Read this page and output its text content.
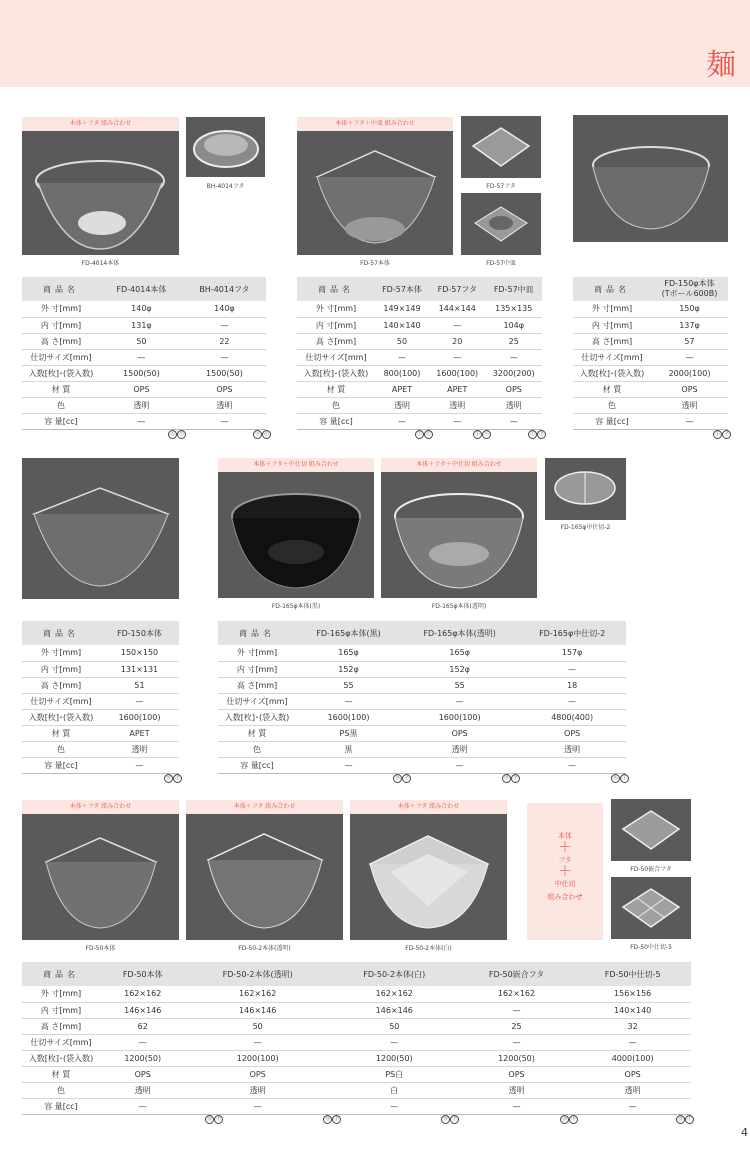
麺
本体＋フタ 組み合わせ
FD-4014本体
BH-4014フタ
本体＋フタ＋中皿 組み合わせ
FD-57本体
FD-57フタ
FD-57中皿
商品名	FD-4014本体	BH-4014フタ
外 寸[mm]	140φ	140φ
内 寸[mm]	131φ	—
高 さ[mm]	50	22
仕切サイズ[mm]	—	—
入数[枚]･(袋入数)	1500(50)	1500(50)
材 質	OPS	OPS
色	透明	透明
容 量[cc]	—	—
Ⓐ Ⓕ	Ⓐ Ⓕ
商品名	FD-57本体	FD-57フタ	FD-57中皿
外 寸[mm]	149×149	144×144	135×135
内 寸[mm]	140×140	—	104φ
高 さ[mm]	50	20	25
仕切サイズ[mm]	—	—	—
入数[枚]･(袋入数)	800(100)	1600(100)	3200(200)
材 質	APET	APET	OPS
色	透明	透明	透明
容 量[cc]	—	—	—
Ⓣ Ⓕ	Ⓣ Ⓕ	Ⓣ Ⓟ
商品名	FD-150φ本体
(Tボール600B)

外 寸[mm]	150φ
内 寸[mm]	137φ
高 さ[mm]	57
仕切サイズ[mm]	—
入数[枚]･(袋入数)	2000(100)
材 質	OPS
色	透明
容 量[cc]	—
Ⓣ Ⓟ
本体＋フタ＋中仕切 組み合わせ
FD-165φ本体(黒)
本体＋フタ＋中仕切 組み合わせ
FD-165φ本体(透明)
FD-165φ中仕切-2
商品名	FD-150本体
外 寸[mm]	150×150
内 寸[mm]	131×131
高 さ[mm]	51
仕切サイズ[mm]	—
入数[枚]･(袋入数)	1600(100)
材 質	APET
色	透明
容 量[cc]	—
Ⓑ Ⓟ
商品名	FD-165φ本体(黒)	FD-165φ本体(透明)	FD-165φ中仕切-2
外 寸[mm]	165φ	165φ	157φ
内 寸[mm]	152φ	152φ	—
高 さ[mm]	55	55	18
仕切サイズ[mm]	—	—	—
入数[枚]･(袋入数)	1600(100)	1600(100)	4800(400)
材 質	PS黒	OPS	OPS
色	黒	透明	透明
容 量[cc]	—	—	—
Ⓑ Ⓟ	Ⓑ Ⓟ	Ⓐ Ⓣ
本体＋フタ 組み合わせ
FD-50本体
本体＋フタ 組み合わせ
FD-50-2本体(透明)
本体＋フタ 組み合わせ
FD-50-2本体(白)
本体
＋
フタ
＋
中仕切
組み合わせ
FD-50嵌合フタ
FD-50中仕切-5
商品名	FD-50本体	FD-50-2本体(透明)	FD-50-2本体(白)	FD-50嵌合フタ	FD-50中仕切-5
外 寸[mm]	162×162	162×162	162×162	162×162	156×156
内 寸[mm]	146×146	146×146	146×146	—	140×140
高 さ[mm]	62	50	50	25	32
仕切サイズ[mm]	—	—	—	—	—
入数[枚]･(袋入数)	1200(50)	1200(100)	1200(50)	1200(50)	4000(100)
材 質	OPS	OPS	PS白	OPS	OPS
色	透明	透明	白	透明	透明
容 量[cc]	—	—	—	—	—
Ⓑ Ⓟ	Ⓑ Ⓟ	Ⓑ Ⓟ	Ⓑ Ⓟ	Ⓑ Ⓣ
4
